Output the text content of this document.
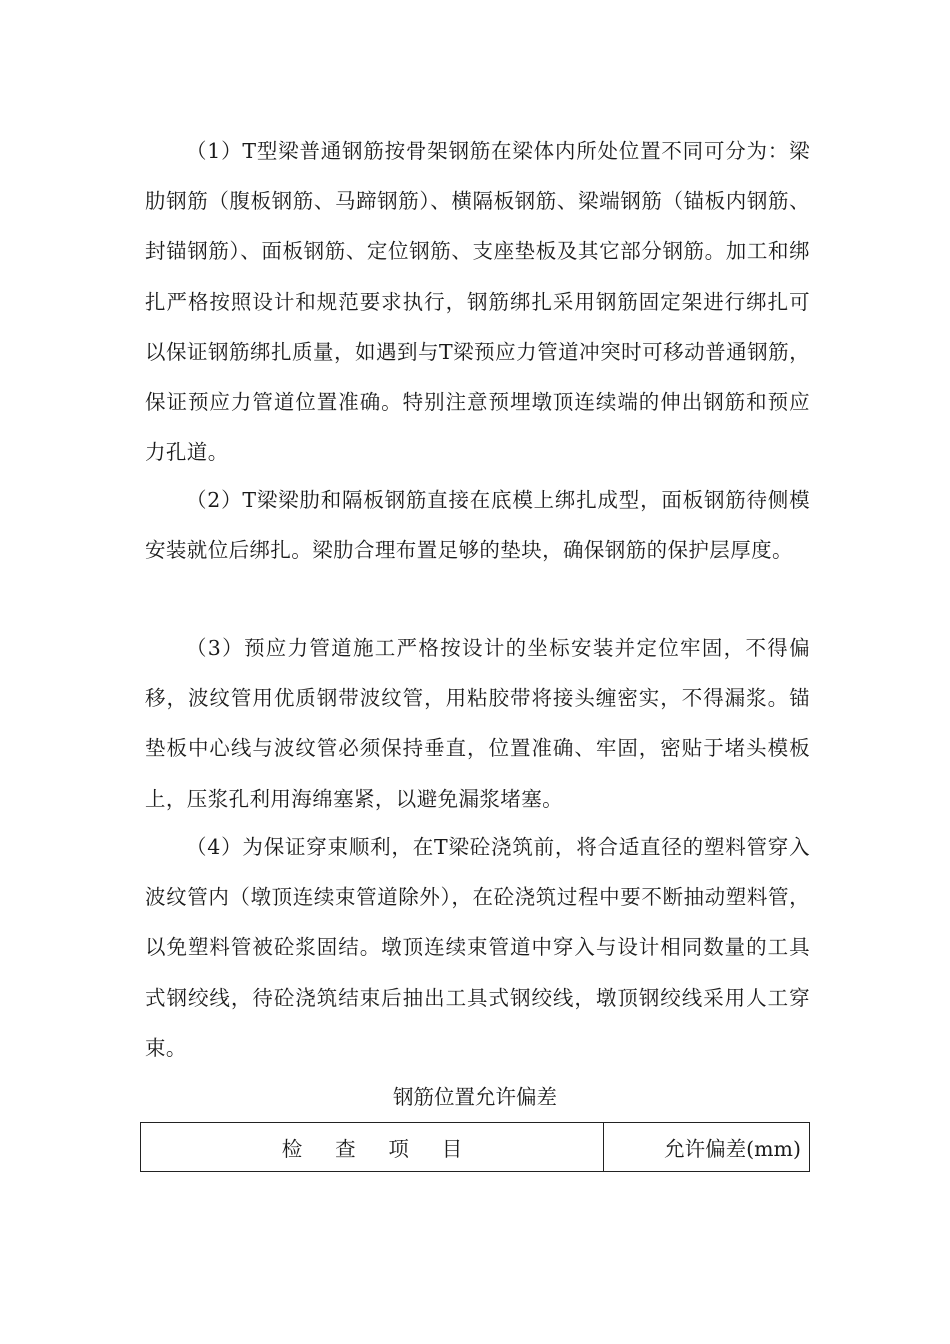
（1）T型梁普通钢筋按骨架钢筋在梁体内所处位置不同可分为：梁肋钢筋（腹板钢筋、马蹄钢筋）、横隔板钢筋、梁端钢筋（锚板内钢筋、封锚钢筋）、面板钢筋、定位钢筋、支座垫板及其它部分钢筋。加工和绑扎严格按照设计和规范要求执行，钢筋绑扎采用钢筋固定架进行绑扎可以保证钢筋绑扎质量，如遇到与T梁预应力管道冲突时可移动普通钢筋，保证预应力管道位置准确。特别注意预埋墩顶连续端的伸出钢筋和预应力孔道。

（2）T梁梁肋和隔板钢筋直接在底模上绑扎成型，面板钢筋待侧模安装就位后绑扎。梁肋合理布置足够的垫块，确保钢筋的保护层厚度。

（3）预应力管道施工严格按设计的坐标安装并定位牢固，不得偏移，波纹管用优质钢带波纹管，用粘胶带将接头缠密实，不得漏浆。锚垫板中心线与波纹管必须保持垂直，位置准确、牢固，密贴于堵头模板上，压浆孔利用海绵塞紧，以避免漏浆堵塞。

（4）为保证穿束顺利，在T梁砼浇筑前，将合适直径的塑料管穿入波纹管内（墩顶连续束管道除外），在砼浇筑过程中要不断抽动塑料管，以免塑料管被砼浆固结。墩顶连续束管道中穿入与设计相同数量的工具式钢绞线，待砼浇筑结束后抽出工具式钢绞线，墩顶钢绞线采用人工穿束。

钢筋位置允许偏差

检查项目	允许偏差(mm)
